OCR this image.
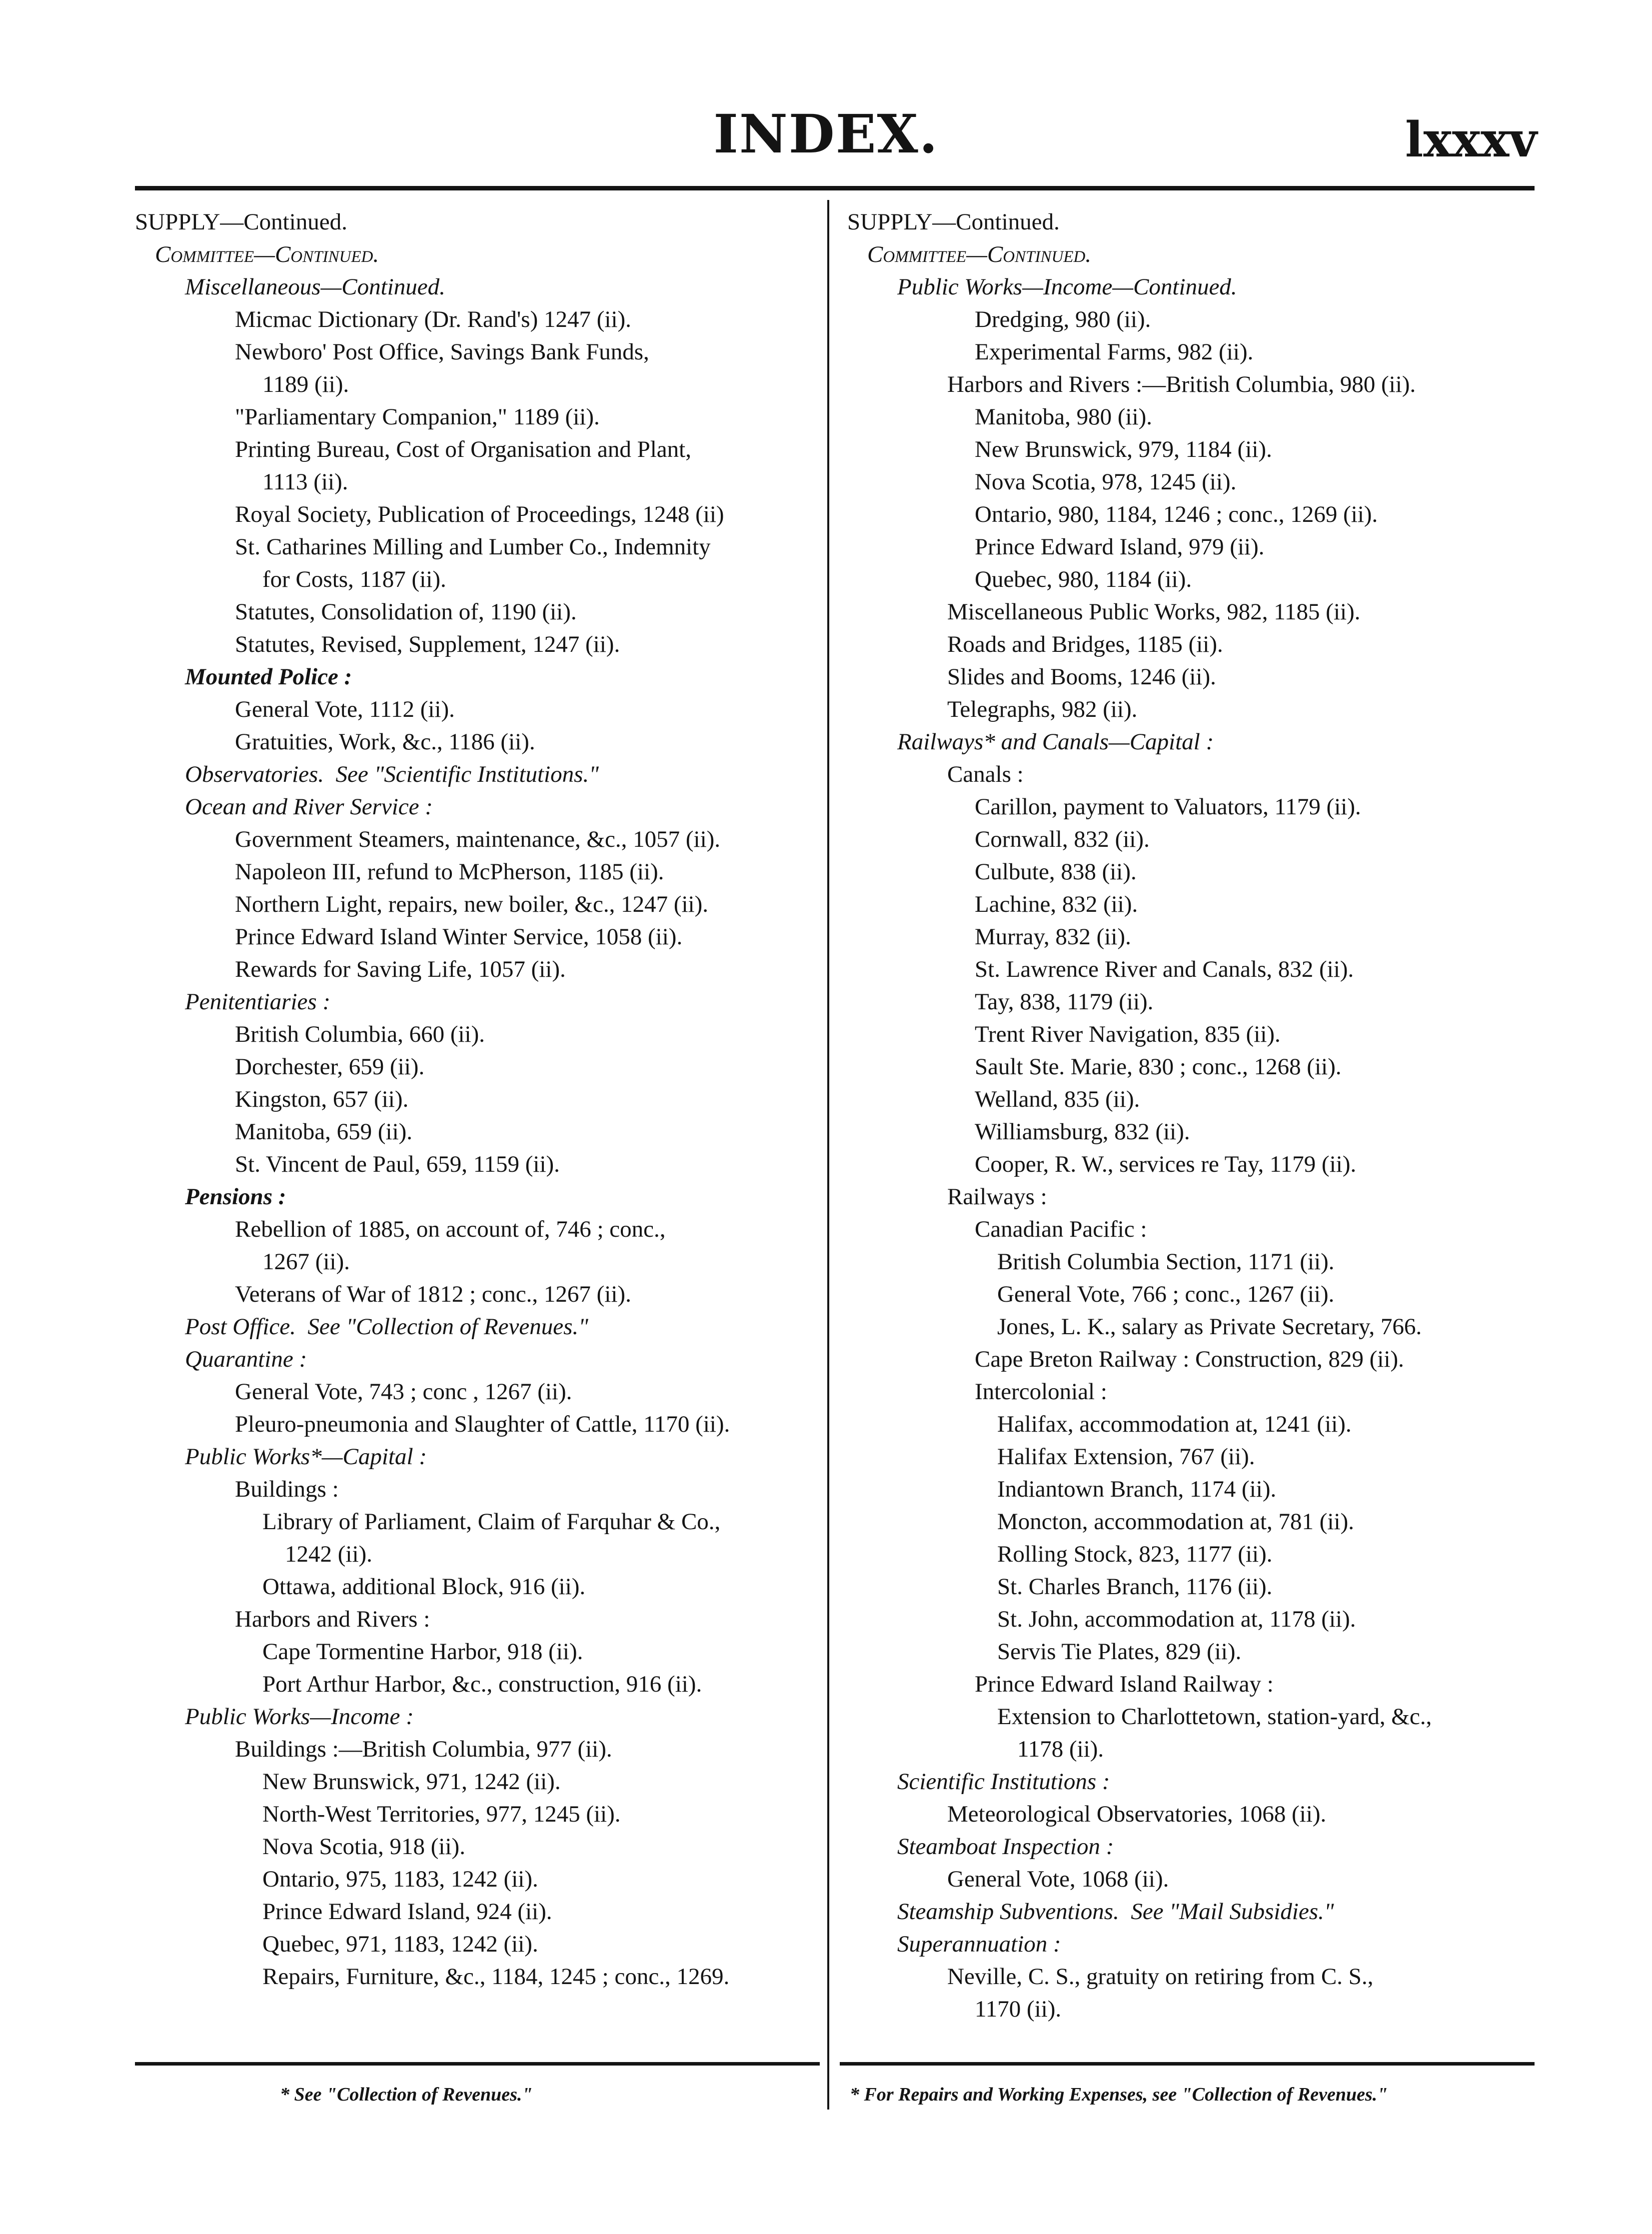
INDEX.	lxxxv
SUPPLY—Continued.
Committee—Continued.
Miscellaneous—Continued.
Micmac Dictionary (Dr. Rand's) 1247 (ii).
Newboro' Post Office, Savings Bank Funds,
1189 (ii).
"Parliamentary Companion," 1189 (ii).
Printing Bureau, Cost of Organisation and Plant,
1113 (ii).
Royal Society, Publication of Proceedings, 1248 (ii)
St. Catharines Milling and Lumber Co., Indemnity
for Costs, 1187 (ii).
Statutes, Consolidation of, 1190 (ii).
Statutes, Revised, Supplement, 1247 (ii).
Mounted Police :
General Vote, 1112 (ii).
Gratuities, Work, &c., 1186 (ii).
Observatories.  See "Scientific Institutions."
Ocean and River Service :
Government Steamers, maintenance, &c., 1057 (ii).
Napoleon III, refund to McPherson, 1185 (ii).
Northern Light, repairs, new boiler, &c., 1247 (ii).
Prince Edward Island Winter Service, 1058 (ii).
Rewards for Saving Life, 1057 (ii).
Penitentiaries :
British Columbia, 660 (ii).
Dorchester, 659 (ii).
Kingston, 657 (ii).
Manitoba, 659 (ii).
St. Vincent de Paul, 659, 1159 (ii).
Pensions :
Rebellion of 1885, on account of, 746 ; conc.,
1267 (ii).
Veterans of War of 1812 ; conc., 1267 (ii).
Post Office.  See "Collection of Revenues."
Quarantine :
General Vote, 743 ; conc , 1267 (ii).
Pleuro-pneumonia and Slaughter of Cattle, 1170 (ii).
Public Works*—Capital :
Buildings :
Library of Parliament, Claim of Farquhar & Co.,
1242 (ii).
Ottawa, additional Block, 916 (ii).
Harbors and Rivers :
Cape Tormentine Harbor, 918 (ii).
Port Arthur Harbor, &c., construction, 916 (ii).
Public Works—Income :
Buildings :—British Columbia, 977 (ii).
New Brunswick, 971, 1242 (ii).
North-West Territories, 977, 1245 (ii).
Nova Scotia, 918 (ii).
Ontario, 975, 1183, 1242 (ii).
Prince Edward Island, 924 (ii).
Quebec, 971, 1183, 1242 (ii).
Repairs, Furniture, &c., 1184, 1245 ; conc., 1269.
SUPPLY—Continued.
Committee—Continued.
Public Works—Income—Continued.
Dredging, 980 (ii).
Experimental Farms, 982 (ii).
Harbors and Rivers :—British Columbia, 980 (ii).
Manitoba, 980 (ii).
New Brunswick, 979, 1184 (ii).
Nova Scotia, 978, 1245 (ii).
Ontario, 980, 1184, 1246 ; conc., 1269 (ii).
Prince Edward Island, 979 (ii).
Quebec, 980, 1184 (ii).
Miscellaneous Public Works, 982, 1185 (ii).
Roads and Bridges, 1185 (ii).
Slides and Booms, 1246 (ii).
Telegraphs, 982 (ii).
Railways* and Canals—Capital :
Canals :
Carillon, payment to Valuators, 1179 (ii).
Cornwall, 832 (ii).
Culbute, 838 (ii).
Lachine, 832 (ii).
Murray, 832 (ii).
St. Lawrence River and Canals, 832 (ii).
Tay, 838, 1179 (ii).
Trent River Navigation, 835 (ii).
Sault Ste. Marie, 830 ; conc., 1268 (ii).
Welland, 835 (ii).
Williamsburg, 832 (ii).
Cooper, R. W., services re Tay, 1179 (ii).
Railways :
Canadian Pacific :
British Columbia Section, 1171 (ii).
General Vote, 766 ; conc., 1267 (ii).
Jones, L. K., salary as Private Secretary, 766.
Cape Breton Railway : Construction, 829 (ii).
Intercolonial :
Halifax, accommodation at, 1241 (ii).
Halifax Extension, 767 (ii).
Indiantown Branch, 1174 (ii).
Moncton, accommodation at, 781 (ii).
Rolling Stock, 823, 1177 (ii).
St. Charles Branch, 1176 (ii).
St. John, accommodation at, 1178 (ii).
Servis Tie Plates, 829 (ii).
Prince Edward Island Railway :
Extension to Charlottetown, station-yard, &c.,
1178 (ii).
Scientific Institutions :
Meteorological Observatories, 1068 (ii).
Steamboat Inspection :
General Vote, 1068 (ii).
Steamship Subventions.  See "Mail Subsidies."
Superannuation :
Neville, C. S., gratuity on retiring from C. S.,
1170 (ii).
* See "Collection of Revenues."	* For Repairs and Working Expenses, see "Collection of Revenues."
